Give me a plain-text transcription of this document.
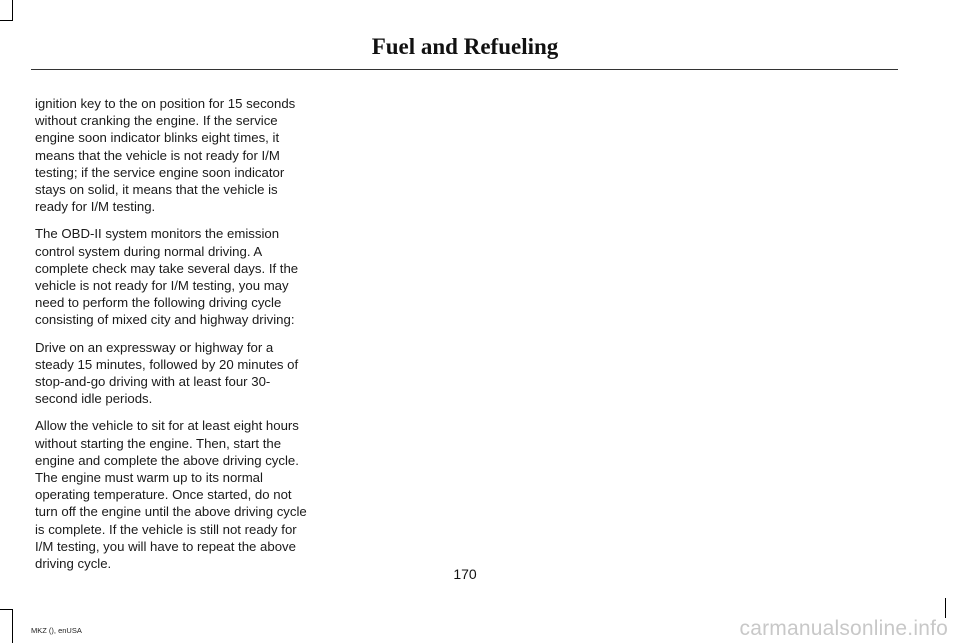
Fuel and Refueling

ignition key to the on position for 15 seconds without cranking the engine. If the service engine soon indicator blinks eight times, it means that the vehicle is not ready for I/M testing; if the service engine soon indicator stays on solid, it means that the vehicle is ready for I/M testing.

The OBD-II system monitors the emission control system during normal driving. A complete check may take several days. If the vehicle is not ready for I/M testing, you may need to perform the following driving cycle consisting of mixed city and highway driving:

Drive on an expressway or highway for a steady 15 minutes, followed by 20 minutes of stop-and-go driving with at least four 30-second idle periods.

Allow the vehicle to sit for at least eight hours without starting the engine. Then, start the engine and complete the above driving cycle. The engine must warm up to its normal operating temperature. Once started, do not turn off the engine until the above driving cycle is complete. If the vehicle is still not ready for I/M testing, you will have to repeat the above driving cycle.

170
MKZ (), enUSA	carmanualsonline.info
